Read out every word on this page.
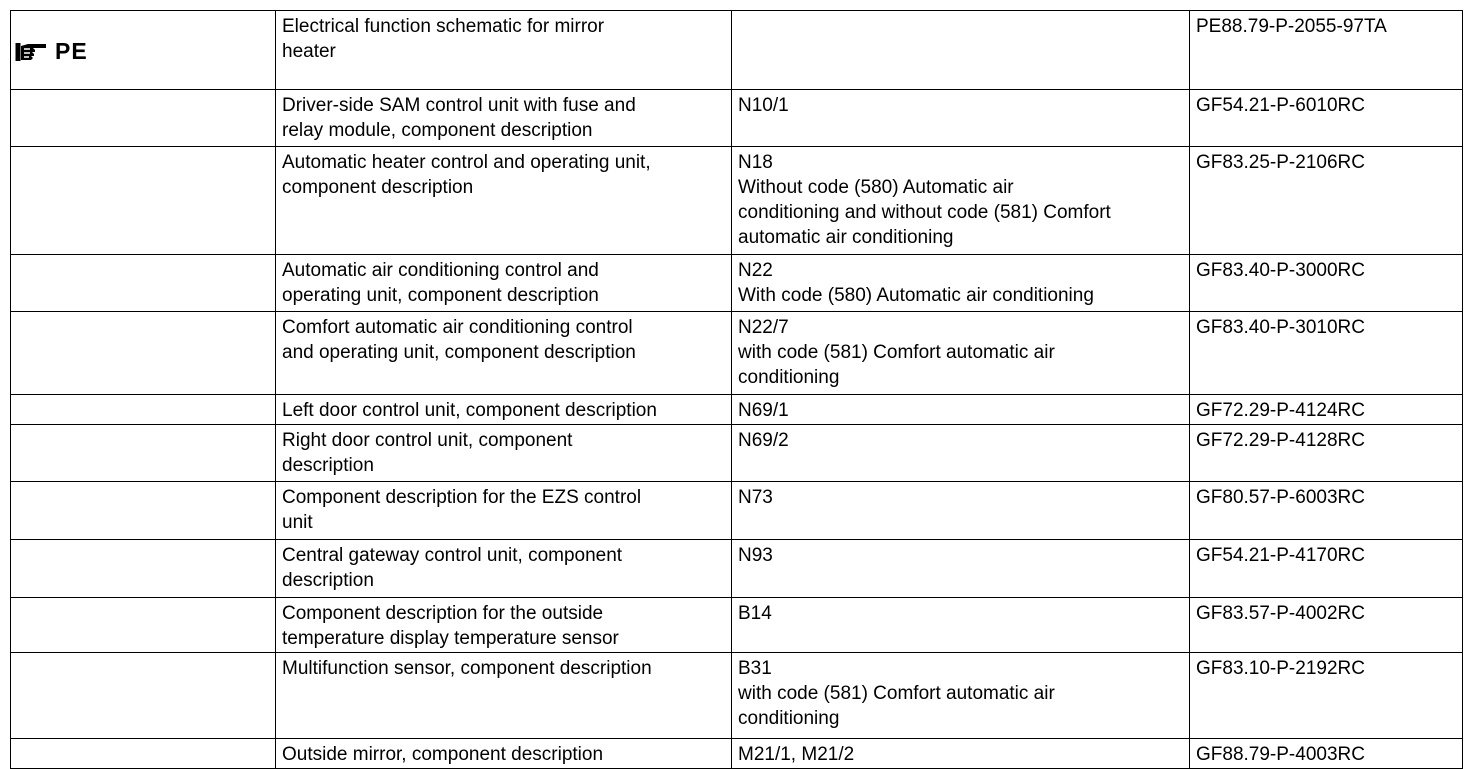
PE	Electrical function schematic for mirror
heater		PE88.79-P-2055-97TA
	Driver-side SAM control unit with fuse and
relay module, component description	N10/1	GF54.21-P-6010RC
	Automatic heater control and operating unit,
component description	N18
Without code (580) Automatic air
conditioning and without code (581) Comfort
automatic air conditioning	GF83.25-P-2106RC
	Automatic air conditioning control and
operating unit, component description	N22
With code (580) Automatic air conditioning	GF83.40-P-3000RC
	Comfort automatic air conditioning control
and operating unit, component description	N22/7
with code (581) Comfort automatic air
conditioning	GF83.40-P-3010RC
	Left door control unit, component description	N69/1	GF72.29-P-4124RC
	Right door control unit, component
description	N69/2	GF72.29-P-4128RC
	Component description for the EZS control
unit	N73	GF80.57-P-6003RC
	Central gateway control unit, component
description	N93	GF54.21-P-4170RC
	Component description for the outside
temperature display temperature sensor	B14	GF83.57-P-4002RC
	Multifunction sensor, component description	B31
with code (581) Comfort automatic air
conditioning	GF83.10-P-2192RC
	Outside mirror, component description	M21/1, M21/2	GF88.79-P-4003RC
